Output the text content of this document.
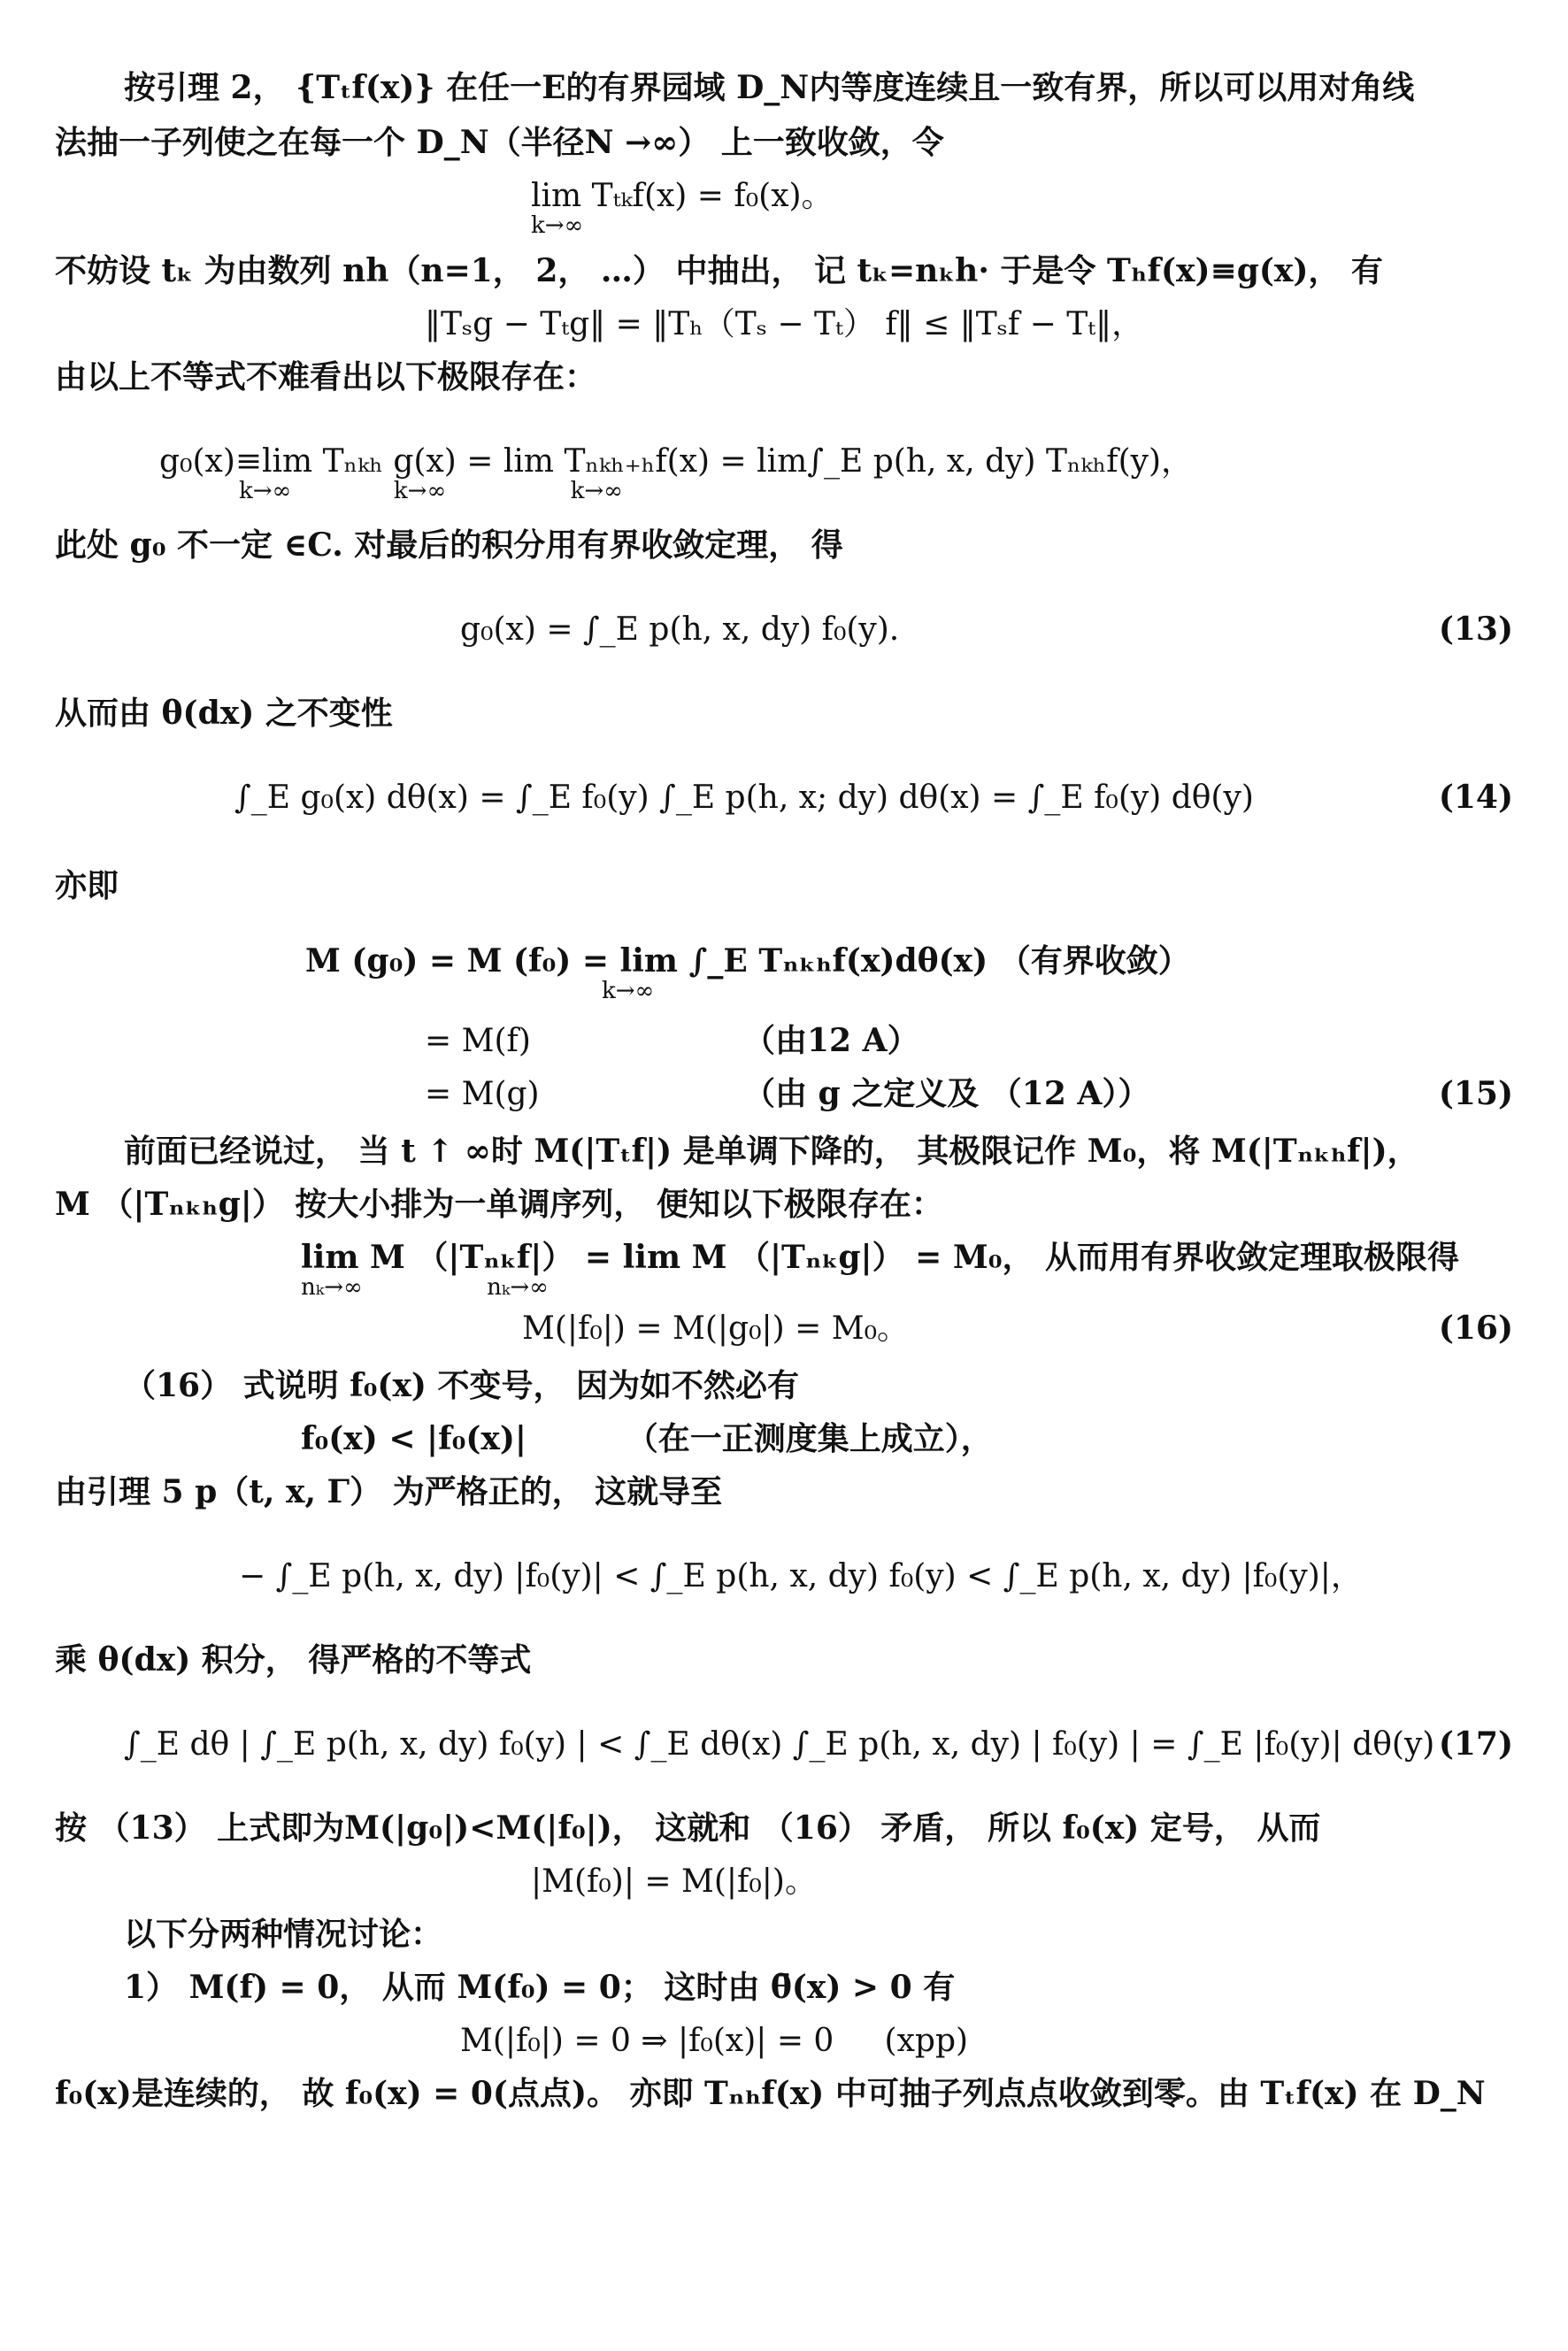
按引理 2， {Tₜf(x)} 在任一E的有界园域 D_N内等度连续且一致有界，所以可以用对角线
法抽一子列使之在每一个 D_N（半径N →∞） 上一致收敛，令
lim Tₜₖf(x) = f₀(x)。
k→∞
不妨设 tₖ 为由数列 nh（n=1， 2， …） 中抽出， 记 tₖ=nₖh· 于是令 Tₕf(x)≡g(x)， 有
‖Tₛg − Tₜg‖ = ‖Tₕ（Tₛ − Tₜ） f‖ ≤ ‖Tₛf − Tₜ‖，
由以上不等式不难看出以下极限存在：
g₀(x)≡lim Tₙₖₕ g(x) = lim Tₙₖₕ₊ₕf(x) = lim∫_E p(h, x, dy) Tₙₖₕf(y)，
k→∞              k→∞                 k→∞
此处 g₀ 不一定 ∈C. 对最后的积分用有界收敛定理， 得
g₀(x) = ∫_E p(h, x, dy) f₀(y).	(13)
从而由 θ(dx) 之不变性
∫_E g₀(x) dθ(x) = ∫_E f₀(y) ∫_E p(h, x; dy) dθ(x) = ∫_E f₀(y) dθ(y)	(14)
亦即
M (g₀) = M (f₀) = lim ∫_E Tₙₖₕf(x)dθ(x) （有界收敛）
k→∞
= M(f)	（由12 A）
= M(g)	（由 g 之定义及 （12 A））	(15)
前面已经说过， 当 t ↑ ∞时 M(|Tₜf|) 是单调下降的， 其极限记作 M₀，将 M(|Tₙₖₕf|)，
M （|Tₙₖₕg|） 按大小排为一单调序列， 便知以下极限存在：
lim M （|Tₙₖf|） = lim M （|Tₙₖg|） = M₀， 从而用有界收敛定理取极限得
nₖ→∞                 nₖ→∞
M(|f₀|) = M(|g₀|) = M₀。	(16)
（16） 式说明 f₀(x) 不变号， 因为如不然必有
f₀(x) < |f₀(x)|         （在一正测度集上成立），
由引理 5 p（t, x, Γ） 为严格正的， 这就导至
− ∫_E p(h, x, dy) |f₀(y)| < ∫_E p(h, x, dy) f₀(y) < ∫_E p(h, x, dy) |f₀(y)|，
乘 θ(dx) 积分， 得严格的不等式
∫_E dθ | ∫_E p(h, x, dy) f₀(y) | < ∫_E dθ(x) ∫_E p(h, x, dy) | f₀(y) | = ∫_E |f₀(y)| dθ(y) (17)
按 （13） 上式即为M(|g₀|)<M(|f₀|)， 这就和 （16） 矛盾， 所以 f₀(x) 定号， 从而
|M(f₀)| = M(|f₀|)。
以下分两种情况讨论：
1） M(f) = 0， 从而 M(f₀) = 0； 这时由 θ̄(x) > 0 有
M(|f₀|) = 0 ⇒ |f₀(x)| = 0     (xpp)
f₀(x)是连续的， 故 f₀(x) = 0(点点)。 亦即 Tₙₕf(x) 中可抽子列点点收敛到零。由 Tₜf(x) 在 D_N
